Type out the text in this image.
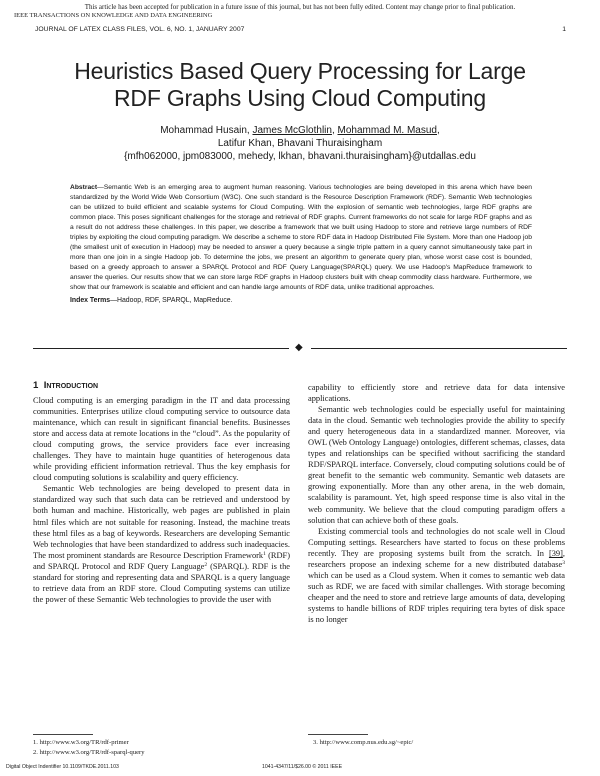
This article has been accepted for publication in a future issue of this journal, but has not been fully edited. Content may change prior to final publication.
IEEE TRANSACTIONS ON KNOWLEDGE AND DATA ENGINEERING
JOURNAL OF LATEX CLASS FILES, VOL. 6, NO. 1, JANUARY 2007	1
Heuristics Based Query Processing for Large
RDF Graphs Using Cloud Computing
Mohammad Husain, James McGlothlin, Mohammad M. Masud,
Latifur Khan, Bhavani Thuraisingham
{mfh062000, jpm083000, mehedy, lkhan, bhavani.thuraisingham}@utdallas.edu
Abstract—Semantic Web is an emerging area to augment human reasoning. Various technologies are being developed in this arena which have been standardized by the World Wide Web Consortium (W3C). One such standard is the Resource Description Framework (RDF). Semantic Web technologies can be utilized to build efficient and scalable systems for Cloud Computing. With the explosion of semantic web technologies, large RDF graphs are common place. This poses significant challenges for the storage and retrieval of RDF graphs. Current frameworks do not scale for large RDF graphs and as a result do not address these challenges. In this paper, we describe a framework that we built using Hadoop to store and retrieve large numbers of RDF triples by exploiting the cloud computing paradigm. We describe a scheme to store RDF data in Hadoop Distributed File System. More than one Hadoop job (the smallest unit of execution in Hadoop) may be needed to answer a query because a single triple pattern in a query cannot simultaneously take part in more than one join in a single Hadoop job. To determine the jobs, we present an algorithm to generate query plan, whose worst case cost is bounded, based on a greedy approach to answer a SPARQL Protocol and RDF Query Language(SPARQL) query. We use Hadoop's MapReduce framework to answer the queries. Our results show that we can store large RDF graphs in Hadoop clusters built with cheap commodity class hardware. Furthermore, we show that our framework is scalable and efficient and can handle large amounts of RDF data, unlike traditional approaches.
Index Terms—Hadoop, RDF, SPARQL, MapReduce.
◆
1 Introduction

Cloud computing is an emerging paradigm in the IT and data processing communities. Enterprises utilize cloud computing service to outsource data maintenance, which can result in significant financial benefits. Businesses store and access data at remote locations in the “cloud”. As the popularity of cloud computing grows, the service providers face ever increasing challenges. They have to maintain huge quantities of heterogenous data while providing efficient information retrieval. Thus the key emphasis for cloud computing solutions is scalability and query efficiency.

Semantic Web technologies are being developed to present data in standardized way such that such data can be retrieved and understood by both human and machine. Historically, web pages are published in plain html files which are not suitable for reasoning. Instead, the machine treats these html files as a bag of keywords. Researchers are developing Semantic Web technologies that have been standardized to address such inadequacies. The most prominent standards are Resource Description Framework$^1$ (RDF) and SPARQL Protocol and RDF Query Language$^2$ (SPARQL). RDF is the standard for storing and representing data and SPARQL is a query language to retrieve data from an RDF store. Cloud Computing systems can utilize the power of these Semantic Web technologies to provide the user with

capability to efficiently store and retrieve data for data intensive applications.

Semantic web technologies could be especially useful for maintaining data in the cloud. Semantic web technologies provide the ability to specify and query heterogeneous data in a standardized manner. Moreover, via OWL (Web Ontology Language) ontologies, different schemas, classes, data types and relationships can be specified without sacrificing the standard RDF/SPARQL interface. Conversely, cloud computing solutions could be of great benefit to the semantic web community. Semantic web datasets are growing exponentially. More than any other arena, in the web domain, scalability is paramount. Yet, high speed response time is also vital in the web community. We believe that the cloud computing paradigm offers a solution that can achieve both of these goals.

Existing commercial tools and technologies do not scale well in Cloud Computing settings. Researchers have started to focus on these problems recently. They are proposing systems built from the scratch. In [39], researchers propose an indexing scheme for a new distributed database$^3$ which can be used as a Cloud system. When it comes to semantic web data such as RDF, we are faced with similar challenges. With storage becoming cheaper and the need to store and retrieve large amounts of data, developing systems to handle billions of RDF triples requiring tera bytes of disk space is no longer

1. http://www.w3.org/TR/rdf-primer
2. http://www.w3.org/TR/rdf-sparql-query
3. http://www.comp.nus.edu.sg/~epic/
Digital Object Indentifier 10.1109/TKDE.2011.103	1041-4347/11/$26.00 © 2011 IEEE
